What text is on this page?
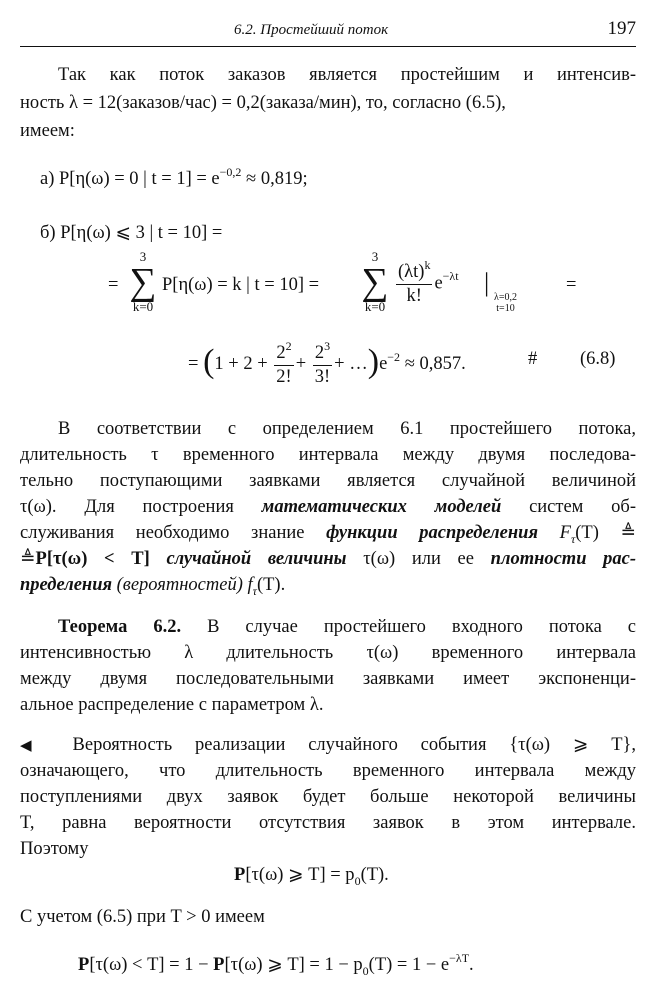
6.2. Простейший поток	197
Так как поток заказов является простейшим и интенсив-
ность λ = 12(заказов/час) = 0,2(заказа/мин), то, согласно (6.5),
имеем:
а) P[η(ω) = 0 | $t = 1] = e^{-0,2} \approx 0,819$;
б) P[η(ω) ⩽ 3 | t = 10] =
=
3
∑
k=0
P[η(ω) = k | t = 10] =
3
∑
k=0
$\frac{(\lambda t)^k}{k!} e^{-\lambda t}$ |
λ=0,2
t=10
=
= ($1 + 2 + \frac{2^2}{2!} + \frac{2^3}{3!}$ + $\dots)e^{-2} \approx 0,857$.	# (6.8)
В соответствии с определением 6.1 простейшего потока,
длительность τ временного интервала между двумя последова-
тельно поступающими заявками является случайной величиной
τ(ω). Для построения математических моделей систем об-
служивания необходимо знание функции распределения $F_\tau(T)$ ≜
≜P[τ(ω) < T] случайной величины τ(ω) или ее плотности рас-
пределения (вероятностей) $f_\tau(T)$.
Теорема 6.2. В случае простейшего входного потока с
интенсивностью λ длительность τ(ω) временного интервала
между двумя последовательными заявками имеет экспоненци-
альное распределение с параметром λ.
◀ Вероятность реализации случайного события {τ(ω) ⩾ T},
означающего, что длительность временного интервала между
поступлениями двух заявок будет больше некоторой величины
T, равна вероятности отсутствия заявок в этом интервале.
Поэтому
P[τ(ω) ⩾ $T] = p_0(T)$.
С учетом (6.5) при T > 0 имеем
P[τ(ω) < T] = 1 − P[τ(ω) ⩾ $T] = 1 - p_0(T) = 1 - e^{-\lambda T}$.
